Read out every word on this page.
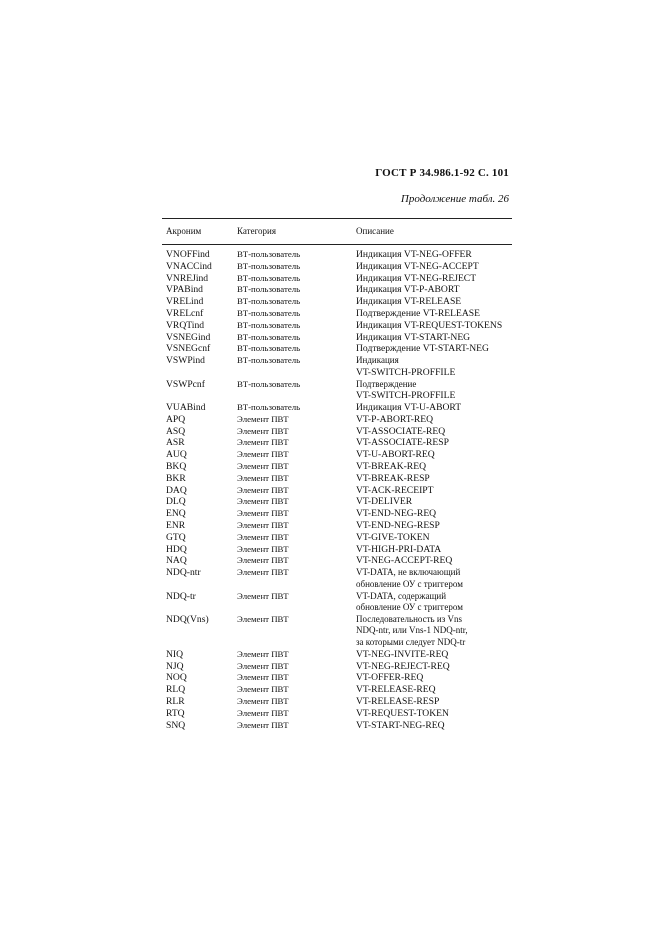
ГОСТ Р 34.986.1-92 С. 101
Продолжение табл. 26
Акроним	Категория	Описание
VNOFFind	ВТ-пользователь	Индикация VT-NEG-OFFER
VNACCind	ВТ-пользователь	Индикация VT-NEG-ACCEPT
VNREJind	ВТ-пользователь	Индикация VT-NEG-REJECT
VPABind	ВТ-пользователь	Индикация VT-P-ABORT
VRELind	ВТ-пользователь	Индикация VT-RELEASE
VRELcnf	ВТ-пользователь	Подтверждение VT-RELEASE
VRQTind	ВТ-пользователь	Индикация VT-REQUEST-TOKENS
VSNEGind	ВТ-пользователь	Индикация VT-START-NEG
VSNEGcnf	ВТ-пользователь	Подтверждение VT-START-NEG
VSWPind	ВТ-пользователь	Индикация
VT-SWITCH-PROFFILE
VSWPcnf	ВТ-пользователь	Подтверждение
VT-SWITCH-PROFFILE
VUABind	ВТ-пользователь	Индикация VT-U-ABORT
APQ	Элемент ПВТ	VT-P-ABORT-REQ
ASQ	Элемент ПВТ	VT-ASSOCIATE-REQ
ASR	Элемент ПВТ	VT-ASSOCIATE-RESP
AUQ	Элемент ПВТ	VT-U-ABORT-REQ
BKQ	Элемент ПВТ	VT-BREAK-REQ
BKR	Элемент ПВТ	VT-BREAK-RESP
DAQ	Элемент ПВТ	VT-ACK-RECEIPT
DLQ	Элемент ПВТ	VT-DELIVER
ENQ	Элемент ПВТ	VT-END-NEG-REQ
ENR	Элемент ПВТ	VT-END-NEG-RESP
GTQ	Элемент ПВТ	VT-GIVE-TOKEN
HDQ	Элемент ПВТ	VT-HIGH-PRI-DATA
NAQ	Элемент ПВТ	VT-NEG-ACCEPT-REQ
NDQ-ntr	Элемент ПВТ	VT-DATA, не включающий
обновление ОУ с триггером
NDQ-tr	Элемент ПВТ	VT-DATA, содержащий
обновление ОУ с триггером
NDQ(Vns)	Элемент ПВТ	Последовательность из Vns
NDQ-ntr, или Vns-1 NDQ-ntr,
за которыми следует NDQ-tr
NIQ	Элемент ПВТ	VT-NEG-INVITE-REQ
NJQ	Элемент ПВТ	VT-NEG-REJECT-REQ
NOQ	Элемент ПВТ	VT-OFFER-REQ
RLQ	Элемент ПВТ	VT-RELEASE-REQ
RLR	Элемент ПВТ	VT-RELEASE-RESP
RTQ	Элемент ПВТ	VT-REQUEST-TOKEN
SNQ	Элемент ПВТ	VT-START-NEG-REQ
